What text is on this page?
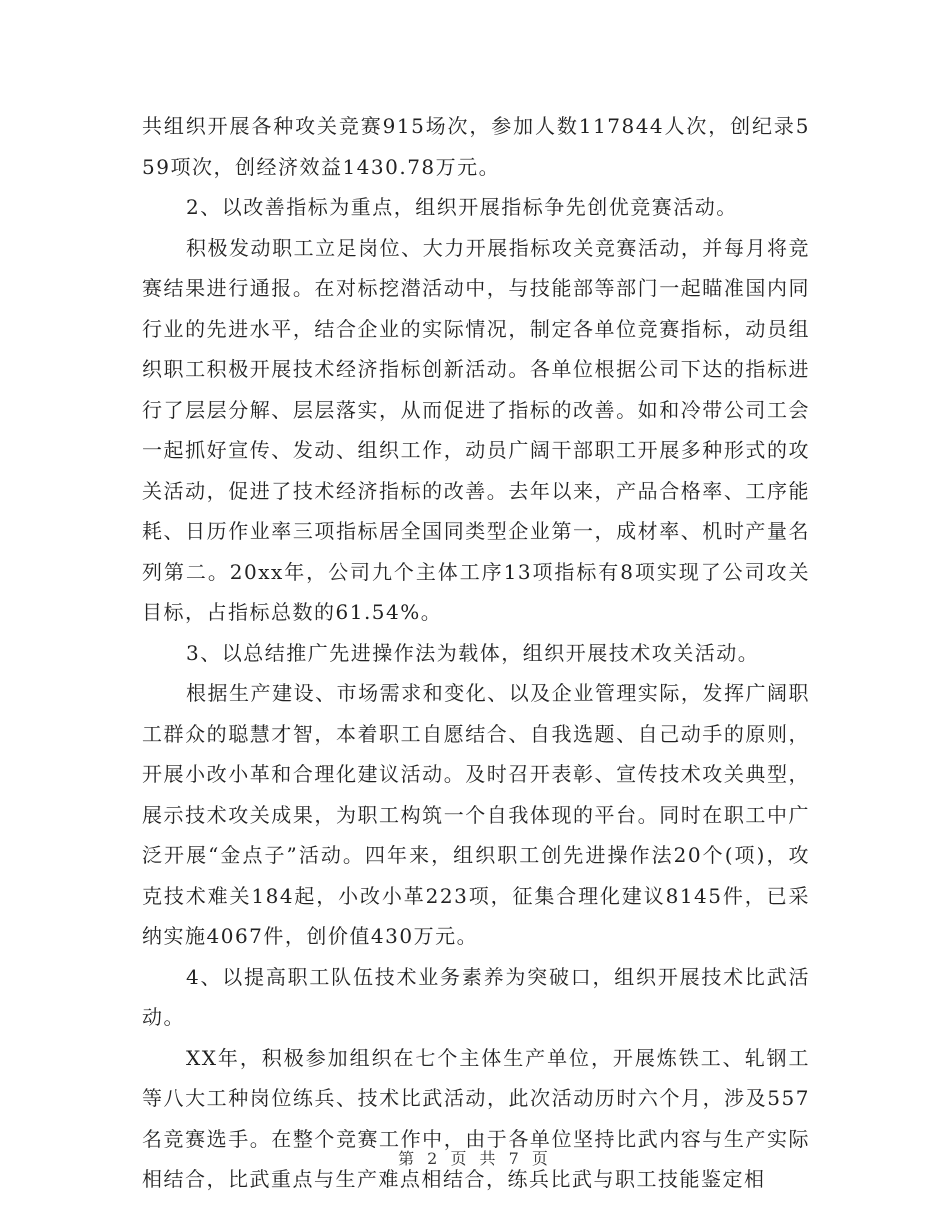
共组织开展各种攻关竞赛915场次，参加人数117844人次，创纪录559项次，创经济效益1430.78万元。

2、以改善指标为重点，组织开展指标争先创优竞赛活动。

积极发动职工立足岗位、大力开展指标攻关竞赛活动，并每月将竞赛结果进行通报。在对标挖潜活动中，与技能部等部门一起瞄准国内同行业的先进水平，结合企业的实际情况，制定各单位竞赛指标，动员组织职工积极开展技术经济指标创新活动。各单位根据公司下达的指标进行了层层分解、层层落实，从而促进了指标的改善。如和冷带公司工会一起抓好宣传、发动、组织工作，动员广阔干部职工开展多种形式的攻关活动，促进了技术经济指标的改善。去年以来，产品合格率、工序能耗、日历作业率三项指标居全国同类型企业第一，成材率、机时产量名列第二。20xx年，公司九个主体工序13项指标有8项实现了公司攻关目标，占指标总数的61.54%。

3、以总结推广先进操作法为载体，组织开展技术攻关活动。

根据生产建设、市场需求和变化、以及企业管理实际，发挥广阔职工群众的聪慧才智，本着职工自愿结合、自我选题、自己动手的原则，开展小改小革和合理化建议活动。及时召开表彰、宣传技术攻关典型，展示技术攻关成果，为职工构筑一个自我体现的平台。同时在职工中广泛开展“金点子”活动。四年来，组织职工创先进操作法20个(项)，攻克技术难关184起，小改小革223项，征集合理化建议8145件，已采纳实施4067件，创价值430万元。

4、以提高职工队伍技术业务素养为突破口，组织开展技术比武活动。

XX年，积极参加组织在七个主体生产单位，开展炼铁工、轧钢工等八大工种岗位练兵、技术比武活动，此次活动历时六个月，涉及557名竞赛选手。在整个竞赛工作中，由于各单位坚持比武内容与生产实际相结合，比武重点与生产难点相结合，练兵比武与职工技能鉴定相

第 2 页 共 7 页
